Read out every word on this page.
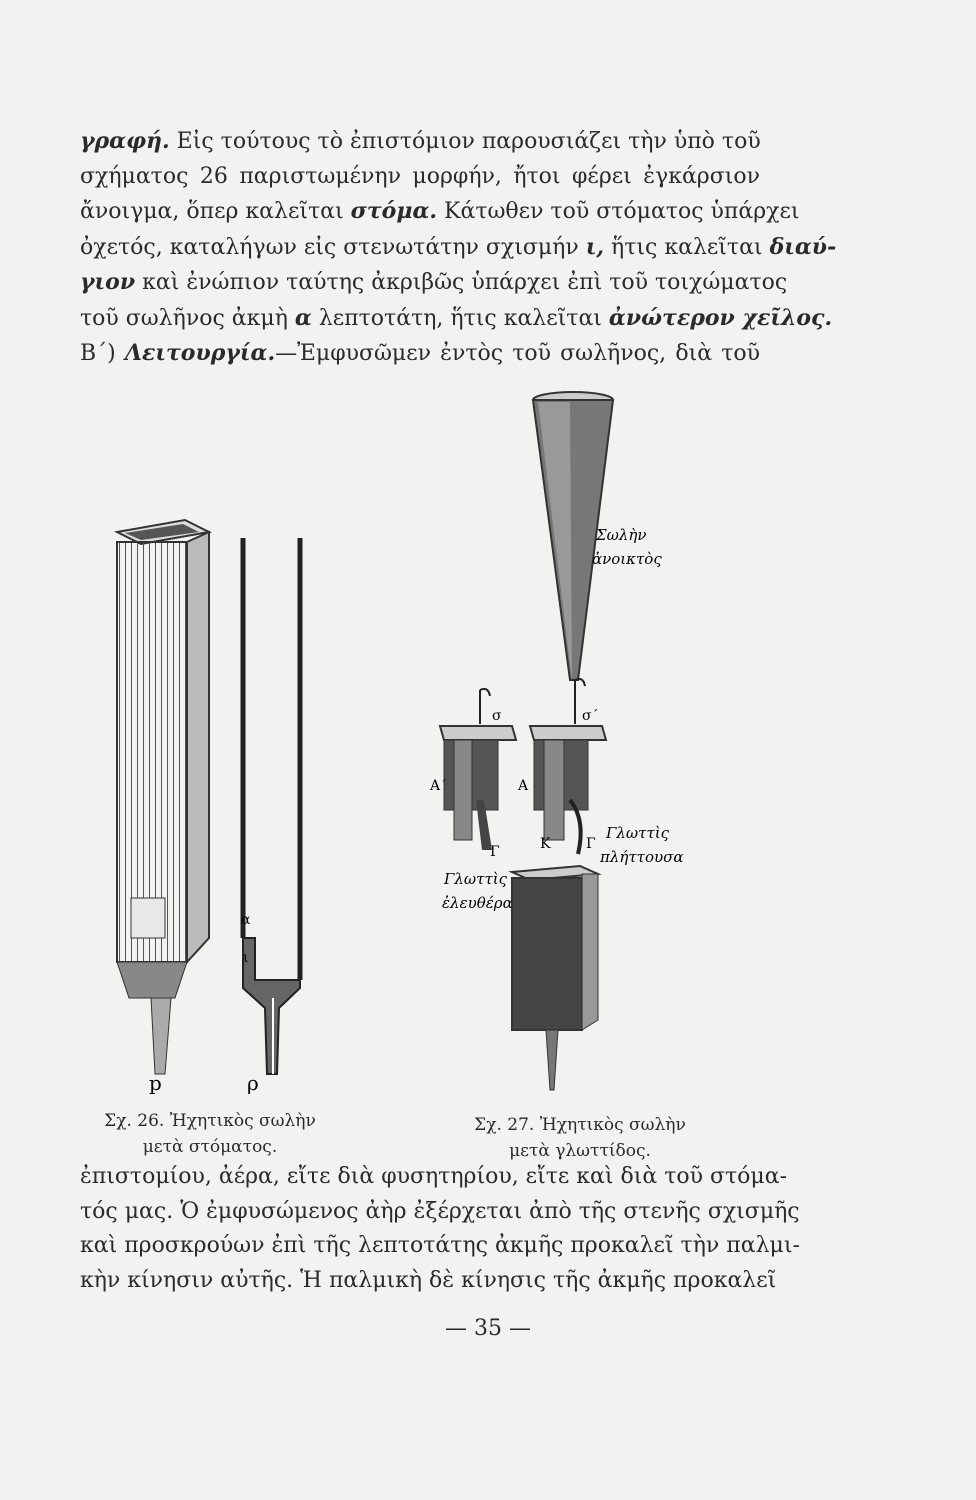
γραφή. Εἰς τούτους τὸ ἐπιστόμιον παρουσιάζει τὴν ὑπὸ τοῦ
σχήματος 26 παριστωμένην μορφήν, ἤτοι φέρει ἐγκάρσιον
ἄνοιγμα, ὅπερ καλεῖται στόμα. Κάτωθεν τοῦ στόματος ὑπάρχει
ὀχετός, καταλήγων εἰς στενωτάτην σχισμήν ι, ἥτις καλεῖται διαύ-
γιον καὶ ἐνώπιον ταύτης ἀκριβῶς ὑπάρχει ἐπὶ τοῦ τοιχώματος
τοῦ σωλῆνος ἀκμὴ α λεπτοτάτη, ἥτις καλεῖται ἀνώτερον χεῖλος.
Β΄) Λειτουργία.—Ἐμφυσῶμεν ἐντὸς τοῦ σωλῆνος, διὰ τοῦ
p	ρ
ι
α
Σχ. 26. Ἠχητικὸς σωλὴν
μετὰ στόματος.
Σωλὴν
ἀνοικτὸς
σ	σ΄
Α΄	Α
Γ	Γ
Κ
Γλωττὶς
ἐλευθέρα
Γλωττὶς
πλήττουσα
Σχ. 27. Ἠχητικὸς σωλὴν
μετὰ γλωττίδος.
ἐπιστομίου, ἀέρα, εἴτε διὰ φυσητηρίου, εἴτε καὶ διὰ τοῦ στόμα-
τός μας. Ὁ ἐμφυσώμενος ἀὴρ ἐξέρχεται ἀπὸ τῆς στενῆς σχισμῆς
καὶ προσκρούων ἐπὶ τῆς λεπτοτάτης ἀκμῆς προκαλεῖ τὴν παλμι-
κὴν κίνησιν αὐτῆς. Ἡ παλμικὴ δὲ κίνησις τῆς ἀκμῆς προκαλεῖ
— 35 —
